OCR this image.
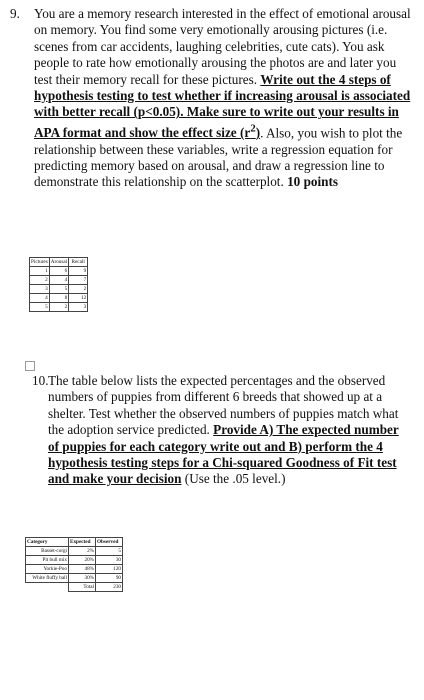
9. You are a memory research interested in the effect of emotional arousal on memory. You find some very emotionally arousing pictures (i.e. scenes from car accidents, laughing celebrities, cute cats). You ask people to rate how emotionally arousing the photos are and later you test their memory recall for these pictures. Write out the 4 steps of hypothesis testing to test whether if increasing arousal is associated with better recall (p<0.05). Make sure to write out your results in APA format and show the effect size $(r^2)$. Also, you wish to plot the relationship between these variables, write a regression equation for predicting memory based on arousal, and draw a regression line to demonstrate this relationship on the scatterplot. 10 points
Pictures	Arousal	Recall
1	6	9
2	4	7
3	5	2
4	8	12
5	2	3
10. The table below lists the expected percentages and the observed numbers of puppies from different 6 breeds that showed up at a shelter. Test whether the observed numbers of puppies match what the adoption service predicted. Provide A) The expected number of puppies for each category write out and B) perform the 4 hypothesis testing steps for a Chi-squared Goodness of Fit test and make your decision (Use the .05 level.)
Category	Expected	Observed
Basset-corgi	2%	5
Pit bull mix	20%	30
Yorkie-Poo	48%	120
White fluffy ball	30%	90
	Total	230
